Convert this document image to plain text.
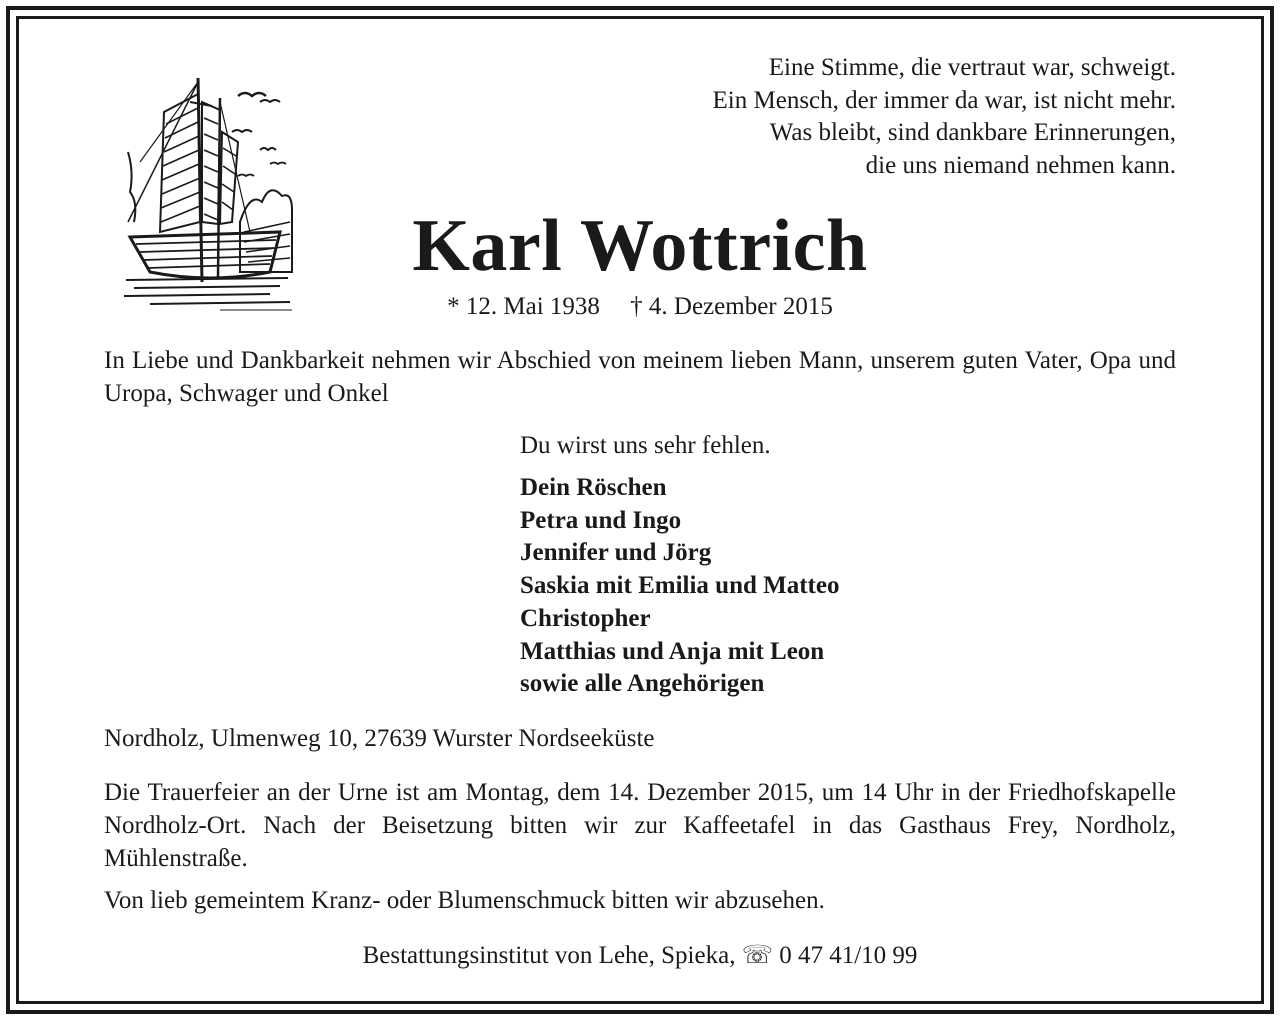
Eine Stimme, die vertraut war, schweigt.
Ein Mensch, der immer da war, ist nicht mehr.
Was bleibt, sind dankbare Erinnerungen,
die uns niemand nehmen kann.
Karl Wottrich
* 12. Mai 1938 † 4. Dezember 2015

In Liebe und Dankbarkeit nehmen wir Abschied von meinem lieben Mann, unserem guten Vater, Opa und Uropa, Schwager und Onkel

Du wirst uns sehr fehlen.
Dein Röschen
Petra und Ingo
Jennifer und Jörg
Saskia mit Emilia und Matteo
Christopher
Matthias und Anja mit Leon
sowie alle Angehörigen
Nordholz, Ulmenweg 10, 27639 Wurster Nordseeküste

Die Trauerfeier an der Urne ist am Montag, dem 14. Dezember 2015, um 14 Uhr in der Friedhofskapelle Nordholz-Ort. Nach der Beisetzung bitten wir zur Kaffeetafel in das Gasthaus Frey, Nordholz, Mühlenstraße.

Von lieb gemeintem Kranz- oder Blumenschmuck bitten wir abzusehen.
Bestattungsinstitut von Lehe, Spieka, ☏ 0 47 41/10 99
